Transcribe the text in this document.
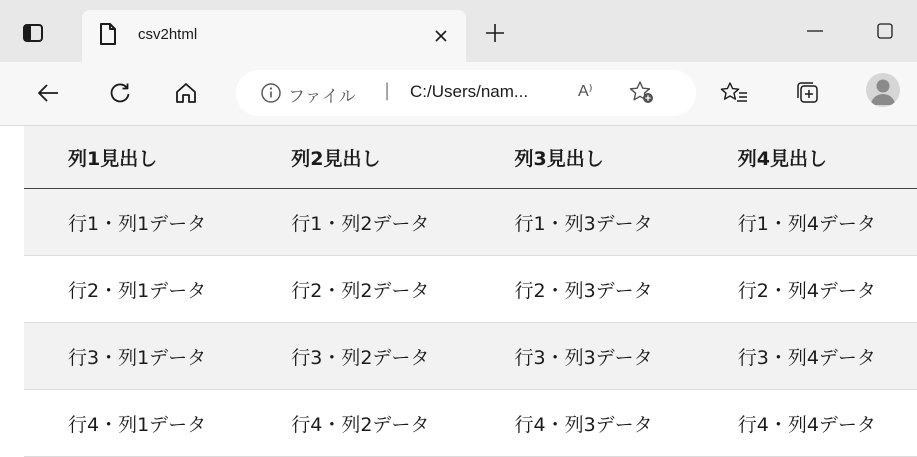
csv2html
ファイル | C:/Users/nam...	A⁾
列1見出し	列2見出し	列3見出し	列4見出し
行1・列1データ	行1・列2データ	行1・列3データ	行1・列4データ
行2・列1データ	行2・列2データ	行2・列3データ	行2・列4データ
行3・列1データ	行3・列2データ	行3・列3データ	行3・列4データ
行4・列1データ	行4・列2データ	行4・列3データ	行4・列4データ
